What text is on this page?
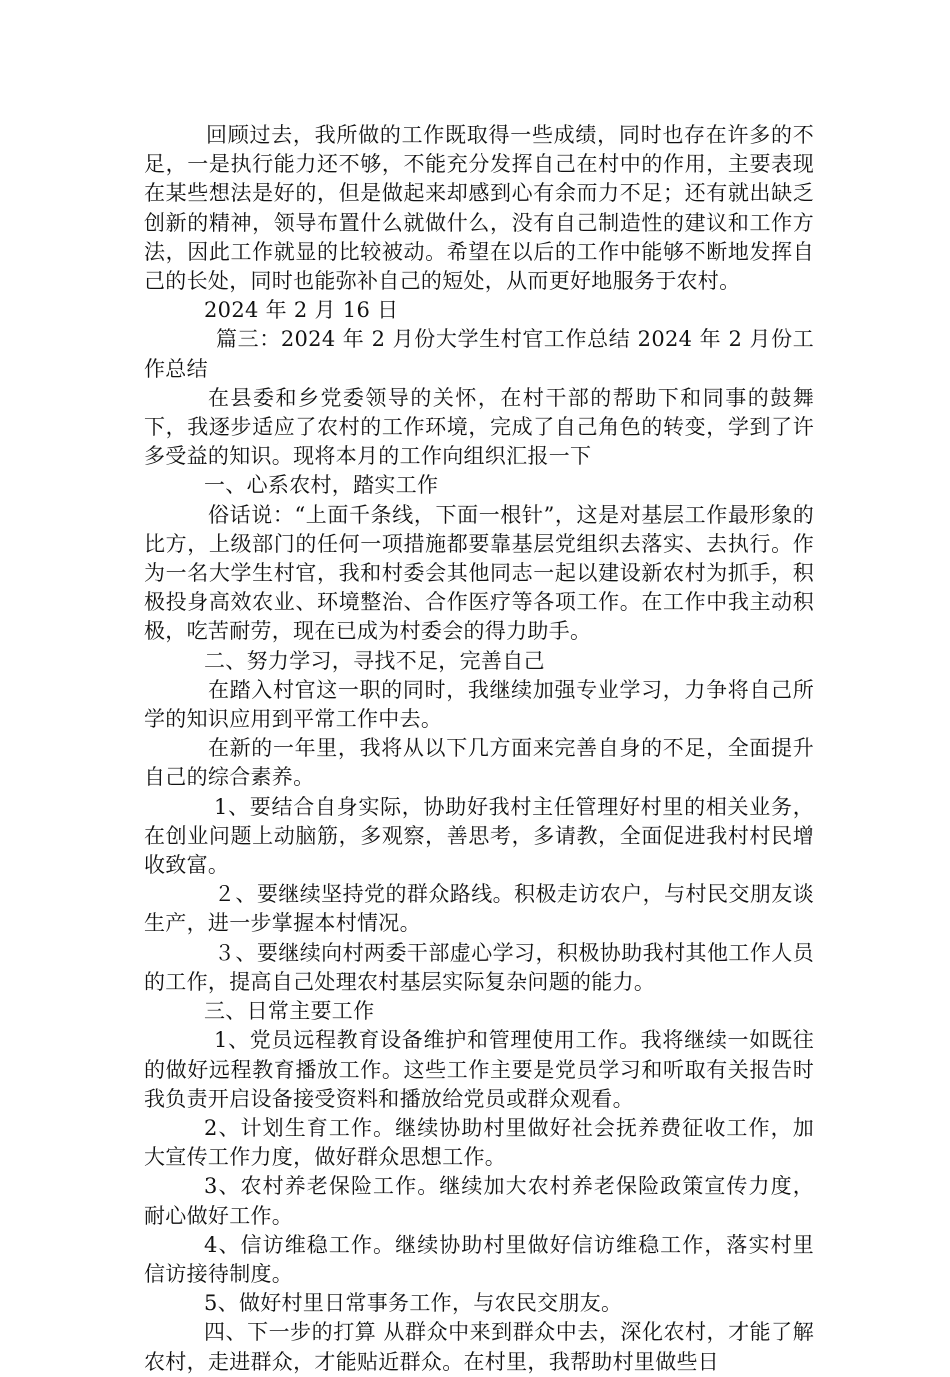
回顾过去，我所做的工作既取得一些成绩，同时也存在许多的不足，一是执行能力还不够，不能充分发挥自己在村中的作用，主要表现在某些想法是好的，但是做起来却感到心有余而力不足；还有就出缺乏创新的精神，领导布置什么就做什么，没有自己制造性的建议和工作方法，因此工作就显的比较被动。希望在以后的工作中能够不断地发挥自己的长处，同时也能弥补自己的短处，从而更好地服务于农村。

2024 年 2 月 16 日

篇三：2024 年 2 月份大学生村官工作总结 2024 年 2 月份工作总结

在县委和乡党委领导的关怀，在村干部的帮助下和同事的鼓舞下，我逐步适应了农村的工作环境，完成了自己角色的转变，学到了许多受益的知识。现将本月的工作向组织汇报一下

一、心系农村，踏实工作

俗话说：“上面千条线，下面一根针”，这是对基层工作最形象的比方，上级部门的任何一项措施都要靠基层党组织去落实、去执行。作为一名大学生村官，我和村委会其他同志一起以建设新农村为抓手，积极投身高效农业、环境整治、合作医疗等各项工作。在工作中我主动积极，吃苦耐劳，现在已成为村委会的得力助手。

二、努力学习，寻找不足，完善自己

在踏入村官这一职的同时，我继续加强专业学习，力争将自己所学的知识应用到平常工作中去。

在新的一年里，我将从以下几方面来完善自身的不足，全面提升自己的综合素养。

1、要结合自身实际，协助好我村主任管理好村里的相关业务，在创业问题上动脑筋，多观察，善思考，多请教，全面促进我村村民增收致富。

２、要继续坚持党的群众路线。积极走访农户，与村民交朋友谈生产，进一步掌握本村情况。

３、要继续向村两委干部虚心学习，积极协助我村其他工作人员的工作，提高自己处理农村基层实际复杂问题的能力。

三、日常主要工作

1、党员远程教育设备维护和管理使用工作。我将继续一如既往的做好远程教育播放工作。这些工作主要是党员学习和听取有关报告时我负责开启设备接受资料和播放给党员或群众观看。

2、计划生育工作。继续协助村里做好社会抚养费征收工作，加大宣传工作力度，做好群众思想工作。

3、农村养老保险工作。继续加大农村养老保险政策宣传力度，耐心做好工作。

4、信访维稳工作。继续协助村里做好信访维稳工作，落实村里信访接待制度。

5、做好村里日常事务工作，与农民交朋友。

四、下一步的打算 从群众中来到群众中去，深化农村，才能了解农村，走进群众，才能贴近群众。在村里，我帮助村里做些日
